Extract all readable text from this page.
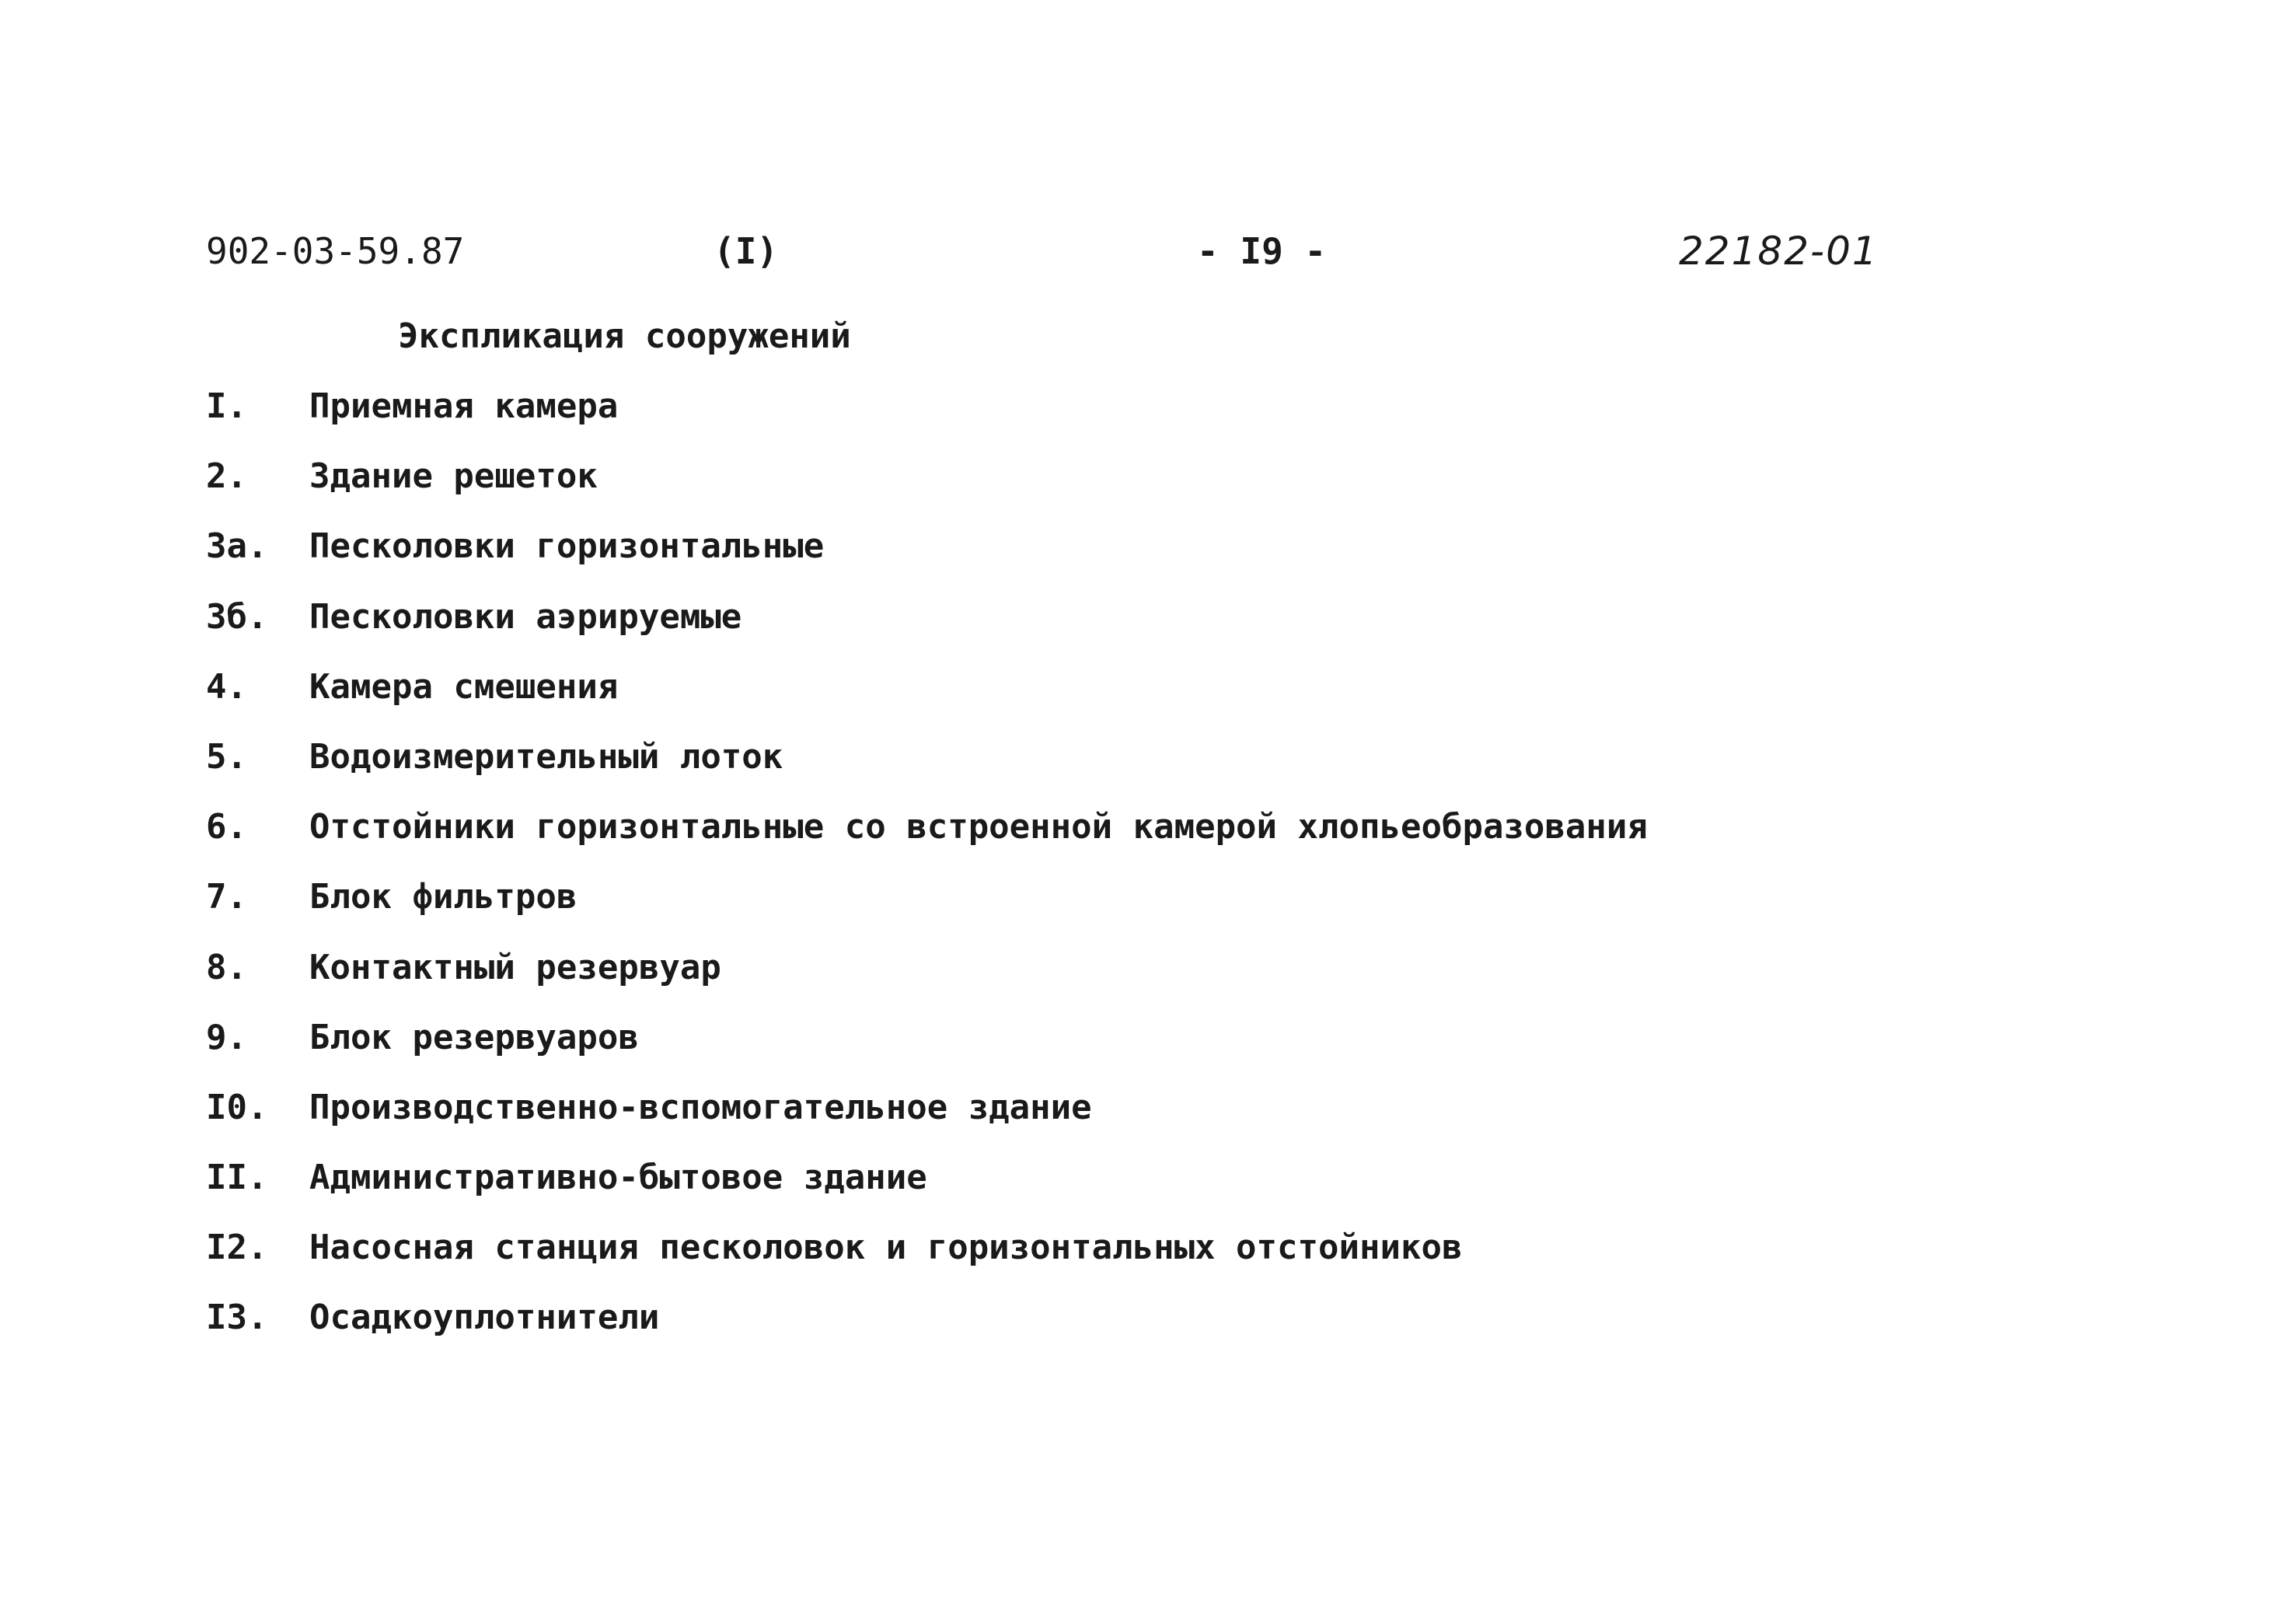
902-03-59.87	(I)	- I9 -	22182-01
Экспликация сооружений
I. Приемная камера
2. Здание решеток
3а. Песколовки горизонтальные
3б. Песколовки аэрируемые
4. Камера смешения
5. Водоизмерительный лоток
6. Отстойники горизонтальные со встроенной камерой хлопьеобразования
7. Блок фильтров
8. Контактный резервуар
9. Блок резервуаров
I0. Производственно-вспомогательное здание
II. Административно-бытовое здание
I2. Насосная станция песколовок и горизонтальных отстойников
I3. Осадкоуплотнители
